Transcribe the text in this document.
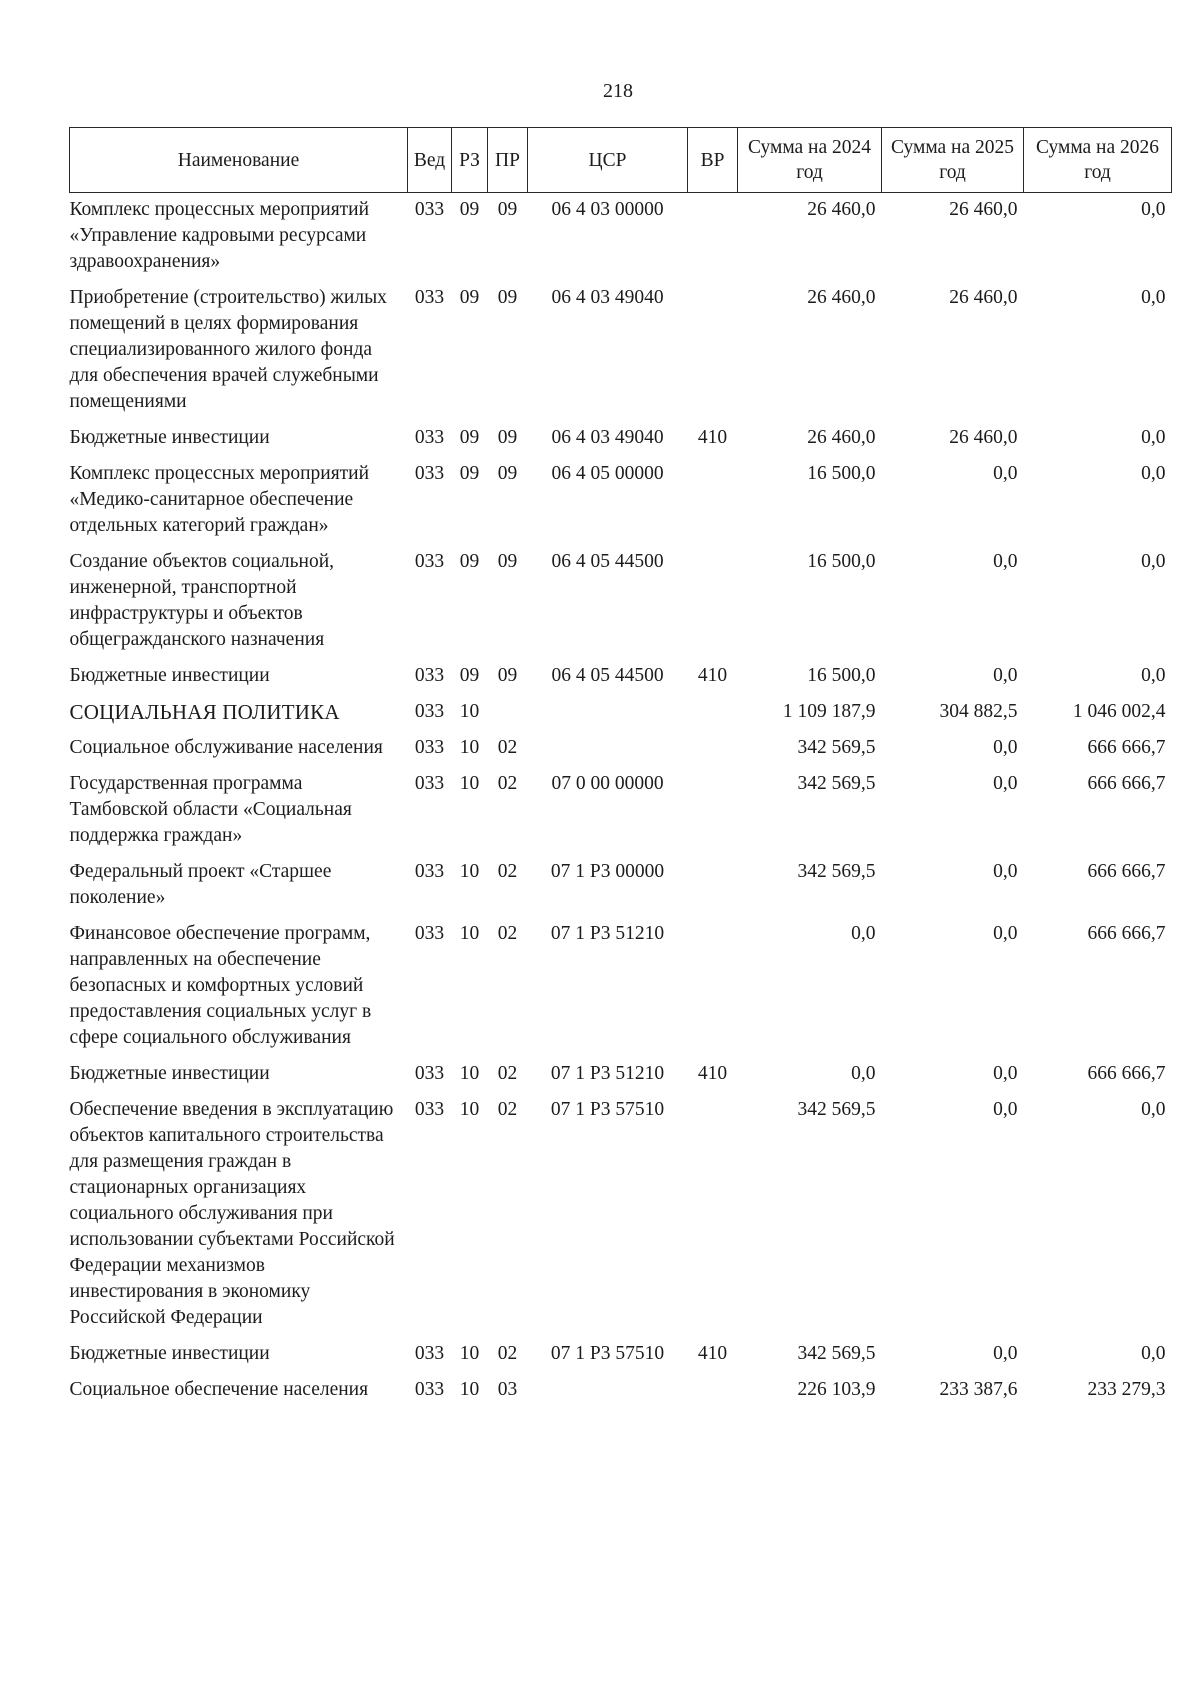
218
Наименование	Вед	РЗ	ПР	ЦСР	ВР	Сумма на 2024 год	Сумма на 2025 год	Сумма на 2026 год
Комплекс процессных мероприятий «Управление кадровыми ресурсами здравоохранения»	033	09	09	06 4 03 00000		26 460,0	26 460,0	0,0
Приобретение (строительство) жилых помещений в целях формирования специализированного жилого фонда для обеспечения врачей служебными помещениями	033	09	09	06 4 03 49040		26 460,0	26 460,0	0,0
Бюджетные инвестиции	033	09	09	06 4 03 49040	410	26 460,0	26 460,0	0,0
Комплекс процессных мероприятий «Медико-санитарное обеспечение отдельных категорий граждан»	033	09	09	06 4 05 00000		16 500,0	0,0	0,0
Создание объектов социальной, инженерной, транспортной инфраструктуры и объектов общегражданского назначения	033	09	09	06 4 05 44500		16 500,0	0,0	0,0
Бюджетные инвестиции	033	09	09	06 4 05 44500	410	16 500,0	0,0	0,0
СОЦИАЛЬНАЯ ПОЛИТИКА	033	10				1 109 187,9	304 882,5	1 046 002,4
Социальное обслуживание населения	033	10	02			342 569,5	0,0	666 666,7
Государственная программа Тамбовской области «Социальная поддержка граждан»	033	10	02	07 0 00 00000		342 569,5	0,0	666 666,7
Федеральный проект «Старшее поколение»	033	10	02	07 1 Р3 00000		342 569,5	0,0	666 666,7
Финансовое обеспечение программ, направленных на обеспечение безопасных и комфортных условий предоставления социальных услуг в сфере социального обслуживания	033	10	02	07 1 Р3 51210		0,0	0,0	666 666,7
Бюджетные инвестиции	033	10	02	07 1 Р3 51210	410	0,0	0,0	666 666,7
Обеспечение введения в эксплуатацию объектов капитального строительства для размещения граждан в стационарных организациях социального обслуживания при использовании субъектами Российской Федерации механизмов инвестирования в экономику Российской Федерации	033	10	02	07 1 Р3 57510		342 569,5	0,0	0,0
Бюджетные инвестиции	033	10	02	07 1 Р3 57510	410	342 569,5	0,0	0,0
Социальное обеспечение населения	033	10	03			226 103,9	233 387,6	233 279,3
